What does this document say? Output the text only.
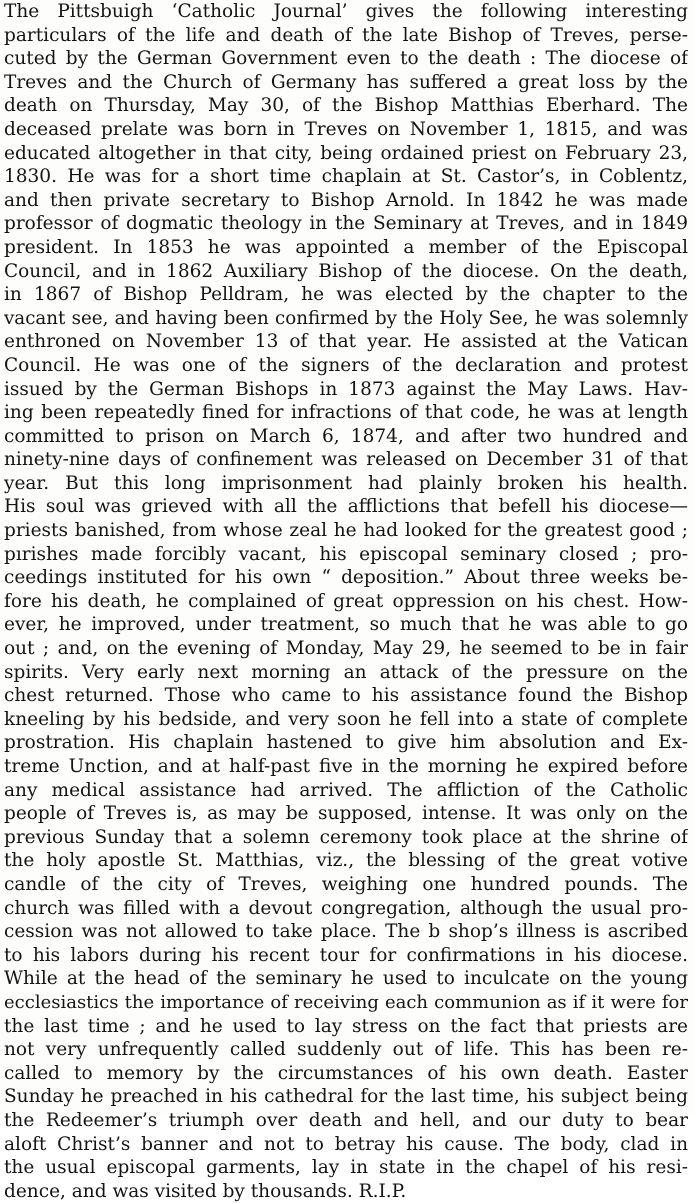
The Pittsbuigh ‘Catholic Journal’ gives the following interesting
particulars of the life and death of the late Bishop of Treves, perse-
cuted by the German Government even to the death : The diocese of
Treves and the Church of Germany has suffered a great loss by the
death on Thursday, May 30, of the Bishop Matthias Eberhard. The
deceased prelate was born in Treves on November 1, 1815, and was
educated altogether in that city, being ordained priest on February 23,
1830. He was for a short time chaplain at St. Castor’s, in Coblentz,
and then private secretary to Bishop Arnold. In 1842 he was made
professor of dogmatic theology in the Seminary at Treves, and in 1849
president. In 1853 he was appointed a member of the Episcopal
Council, and in 1862 Auxiliary Bishop of the diocese. On the death,
in 1867 of Bishop Pelldram, he was elected by the chapter to the
vacant see, and having been confirmed by the Holy See, he was solemnly
enthroned on November 13 of that year. He assisted at the Vatican
Council. He was one of the signers of the declaration and protest
issued by the German Bishops in 1873 against the May Laws. Hav-
ing been repeatedly fined for infractions of that code, he was at length
committed to prison on March 6, 1874, and after two hundred and
ninety-nine days of confinement was released on December 31 of that
year. But this long imprisonment had plainly broken his health.
His soul was grieved with all the afflictions that befell his diocese—
priests banished, from whose zeal he had looked for the greatest good ;
pırishes made forcibly vacant, his episcopal seminary closed ; pro-
ceedings instituted for his own “ deposition.” About three weeks be-
fore his death, he complained of great oppression on his chest. How-
ever, he improved, under treatment, so much that he was able to go
out ; and, on the evening of Monday, May 29, he seemed to be in fair
spirits. Very early next morning an attack of the pressure on the
chest returned. Those who came to his assistance found the Bishop
kneeling by his bedside, and very soon he fell into a state of complete
prostration. His chaplain hastened to give him absolution and Ex-
treme Unction, and at half-past five in the morning he expired before
any medical assistance had arrived. The affliction of the Catholic
people of Treves is, as may be supposed, intense. It was only on the
previous Sunday that a solemn ceremony took place at the shrine of
the holy apostle St. Matthias, viz., the blessing of the great votive
candle of the city of Treves, weighing one hundred pounds. The
church was filled with a devout congregation, although the usual pro-
cession was not allowed to take place. The b shop’s illness is ascribed
to his labors during his recent tour for confirmations in his diocese.
While at the head of the seminary he used to inculcate on the young
ecclesiastics the importance of receiving each communion as if it were for
the last time ; and he used to lay stress on the fact that priests are
not very unfrequently called suddenly out of life. This has been re-
called to memory by the circumstances of his own death. Easter
Sunday he preached in his cathedral for the last time, his subject being
the Redeemer’s triumph over death and hell, and our duty to bear
aloft Christ’s banner and not to betray his cause. The body, clad in
the usual episcopal garments, lay in state in the chapel of his resi-
dence, and was visited by thousands. R.I.P.
